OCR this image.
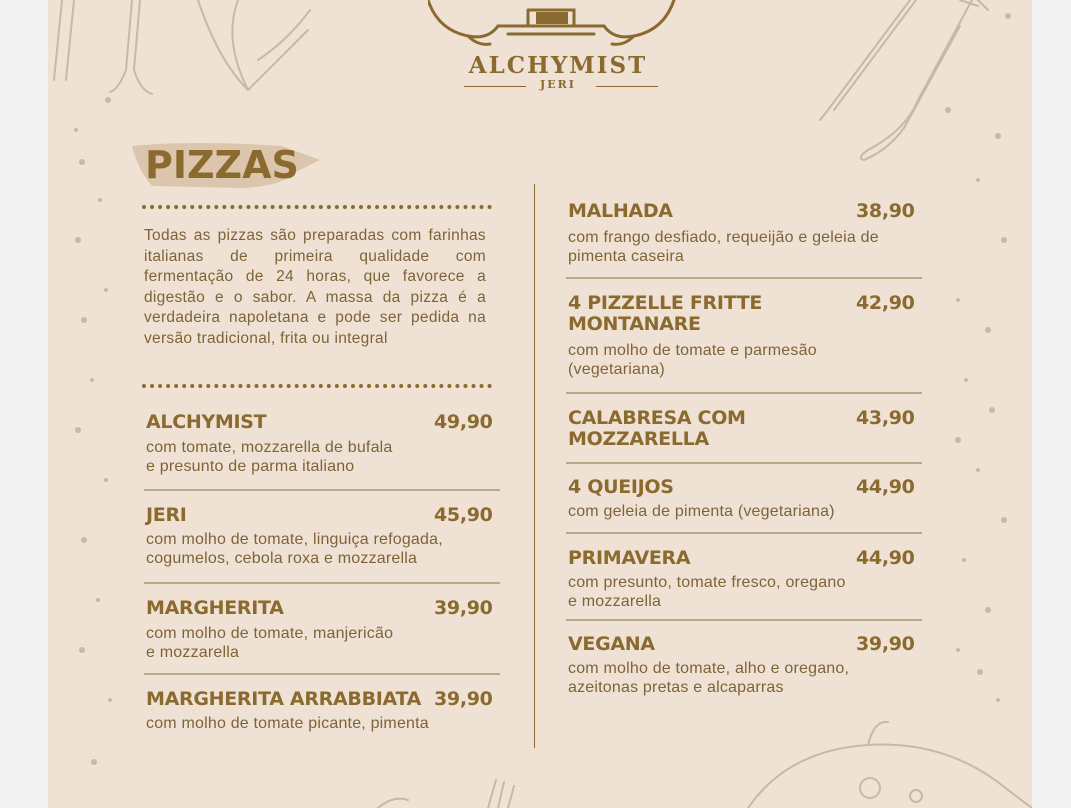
ALCHYMIST
JERI
PIZZAS
Todas as pizzas são preparadas com farinhas italianas de primeira qualidade com fermentação de 24 horas, que favorece a digestão e o sabor. A massa da pizza é a verdadeira napoletana e pode ser pedida na versão tradicional, frita ou integral
ALCHYMIST	49,90
com tomate, mozzarella de bufala
e presunto de parma italiano
JERI	45,90
com molho de tomate, linguiça refogada,
cogumelos, cebola roxa e mozzarella
MARGHERITA	39,90
com molho de tomate, manjericão
e mozzarella
MARGHERITA ARRABBIATA 39,90
com molho de tomate picante, pimenta
MALHADA	38,90
com frango desfiado, requeijão e geleia de
pimenta caseira
4 PIZZELLE FRITTE
MONTANARE
42,90
com molho de tomate e parmesão
(vegetariana)
CALABRESA COM
MOZZARELLA
43,90
4 QUEIJOS	44,90
com geleia de pimenta (vegetariana)
PRIMAVERA	44,90
com presunto, tomate fresco, oregano
e mozzarella
VEGANA	39,90
com molho de tomate, alho e oregano,
azeitonas pretas e alcaparras
